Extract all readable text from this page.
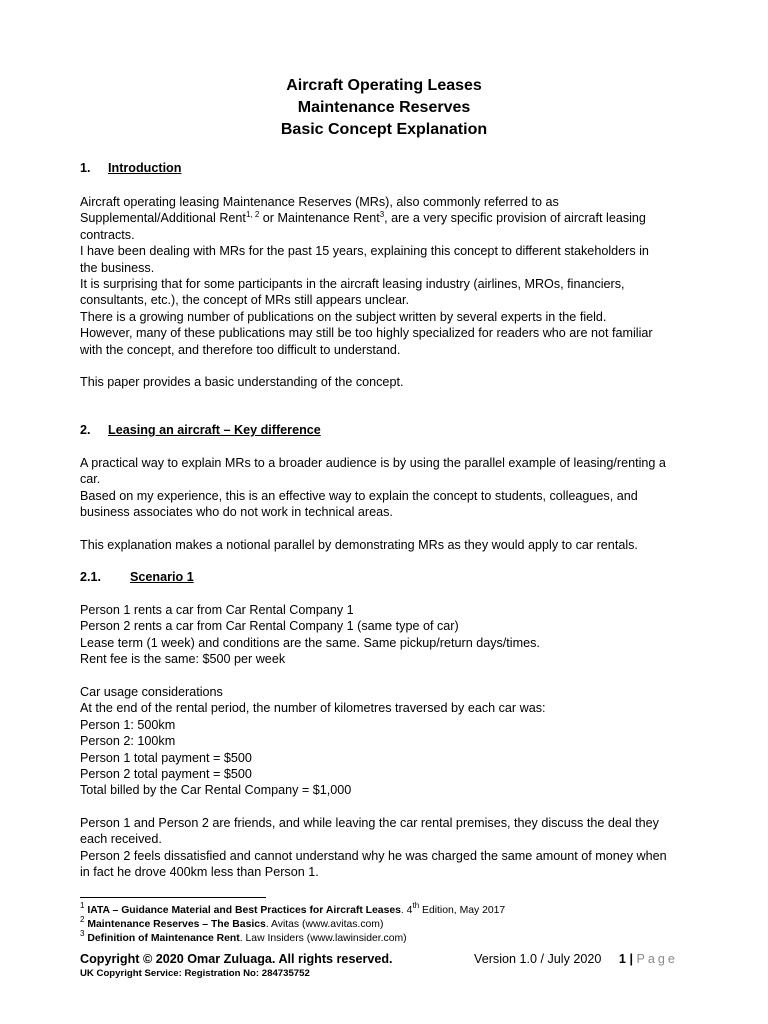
Aircraft Operating Leases
Maintenance Reserves
Basic Concept Explanation
1. Introduction
Aircraft operating leasing Maintenance Reserves (MRs), also commonly referred to as
Supplemental/Additional Rent$^{1, 2}$ or Maintenance Rent$^3$, are a very specific provision of aircraft leasing
contracts.
I have been dealing with MRs for the past 15 years, explaining this concept to different stakeholders in
the business.
It is surprising that for some participants in the aircraft leasing industry (airlines, MROs, financiers,
consultants, etc.), the concept of MRs still appears unclear.
There is a growing number of publications on the subject written by several experts in the field.
However, many of these publications may still be too highly specialized for readers who are not familiar
with the concept, and therefore too difficult to understand.
This paper provides a basic understanding of the concept.
2. Leasing an aircraft – Key difference
A practical way to explain MRs to a broader audience is by using the parallel example of leasing/renting a
car.
Based on my experience, this is an effective way to explain the concept to students, colleagues, and
business associates who do not work in technical areas.
This explanation makes a notional parallel by demonstrating MRs as they would apply to car rentals.
2.1. Scenario 1
Person 1 rents a car from Car Rental Company 1
Person 2 rents a car from Car Rental Company 1 (same type of car)
Lease term (1 week) and conditions are the same. Same pickup/return days/times.
Rent fee is the same: $500 per week
Car usage considerations
At the end of the rental period, the number of kilometres traversed by each car was:
Person 1: 500km
Person 2: 100km
Person 1 total payment = $500
Person 2 total payment = $500
Total billed by the Car Rental Company = $1,000
Person 1 and Person 2 are friends, and while leaving the car rental premises, they discuss the deal they
each received.
Person 2 feels dissatisfied and cannot understand why he was charged the same amount of money when
in fact he drove 400km less than Person 1.
$^1$ IATA – Guidance Material and Best Practices for Aircraft Leases. 4th Edition, May 2017
$^2$ Maintenance Reserves – The Basics. Avitas (www.avitas.com)
$^3$ Definition of Maintenance Rent. Law Insiders (www.lawinsider.com)
Copyright © 2020 Omar Zuluaga. All rights reserved.
UK Copyright Service: Registration No: 284735752
Version 1.0 / July 2020 1 | Page
